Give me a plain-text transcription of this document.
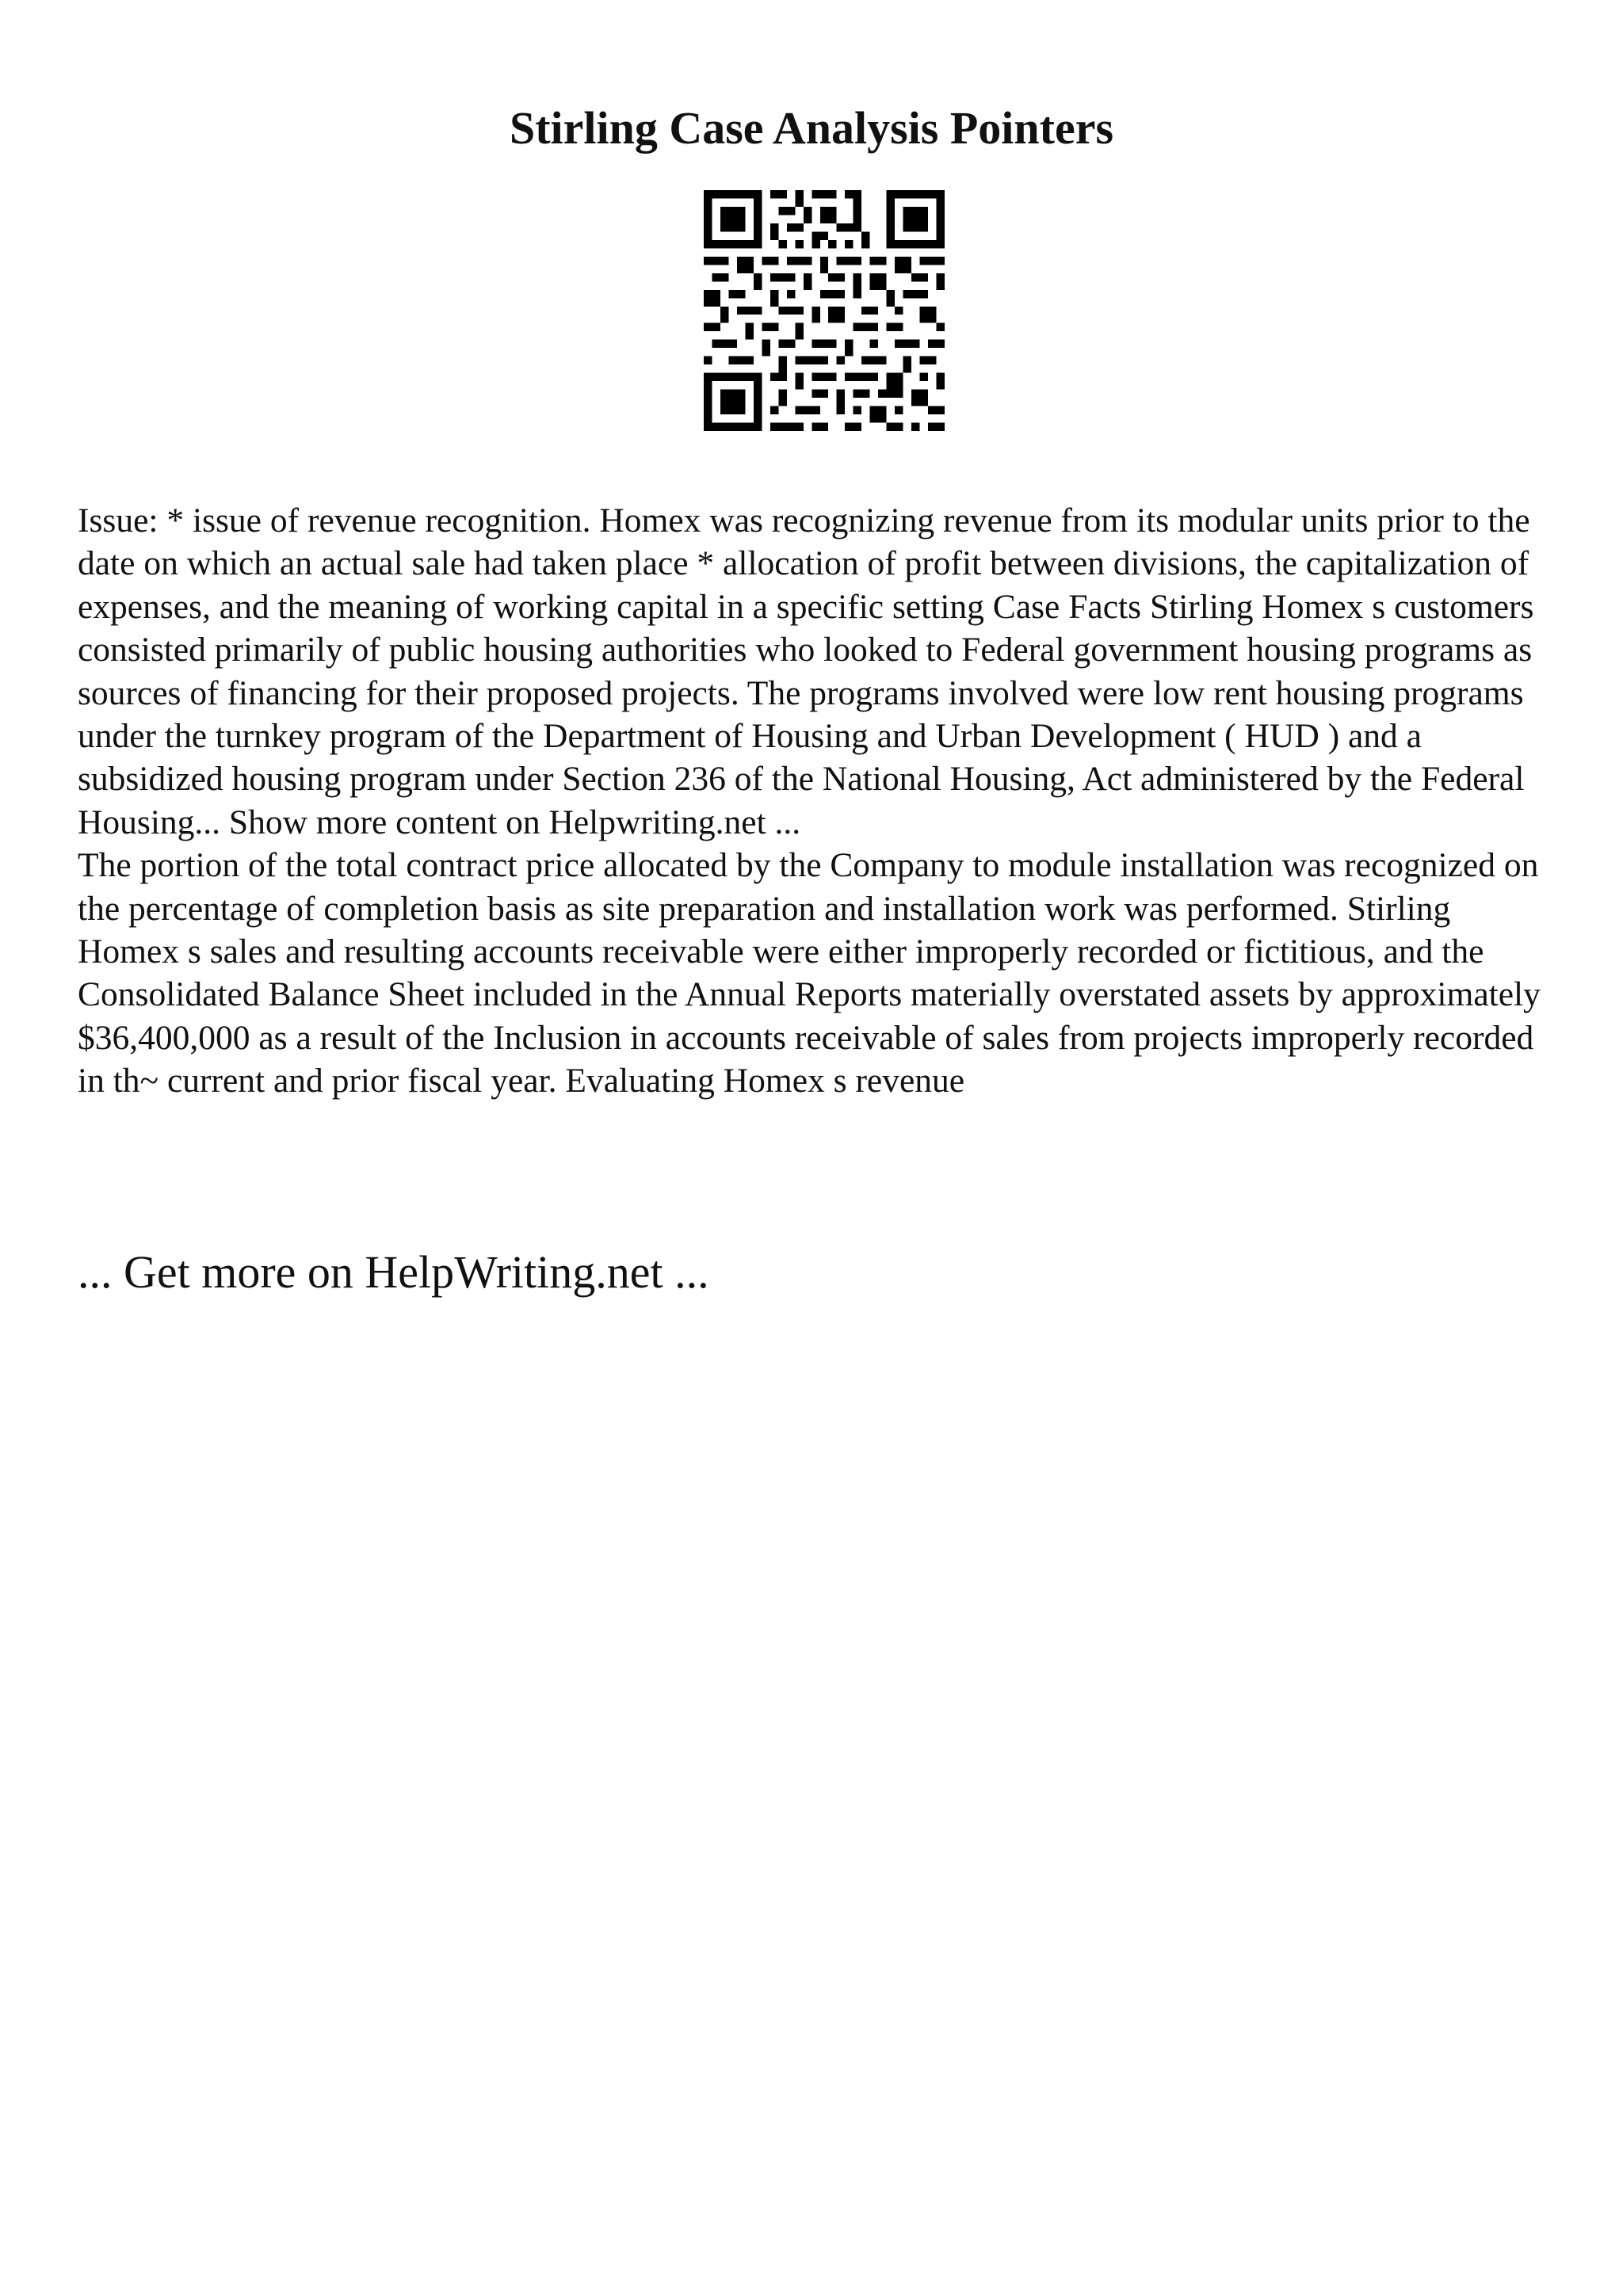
Stirling Case Analysis Pointers

Issue: * issue of revenue recognition. Homex was recognizing revenue from its modular units prior to the date on which an actual sale had taken place * allocation of profit between divisions, the capitalization of expenses, and the meaning of working capital in a specific setting Case Facts Stirling Homex s customers consisted primarily of public housing authorities who looked to Federal government housing programs as sources of financing for their proposed projects. The programs involved were low rent housing programs under the turnkey program of the Department of Housing and Urban Development ( HUD ) and a subsidized housing program under Section 236 of the National Housing, Act administered by the Federal Housing... Show more content on Helpwriting.net ...

The portion of the total contract price allocated by the Company to module installation was recognized on the percentage of completion basis as site preparation and installation work was performed. Stirling Homex s sales and resulting accounts receivable were either improperly recorded or fictitious, and the Consolidated Balance Sheet included in the Annual Reports materially overstated assets by approximately $36,400,000 as a result of the Inclusion in accounts receivable of sales from projects improperly recorded in th~ current and prior fiscal year. Evaluating Homex s revenue

... Get more on HelpWriting.net ...
